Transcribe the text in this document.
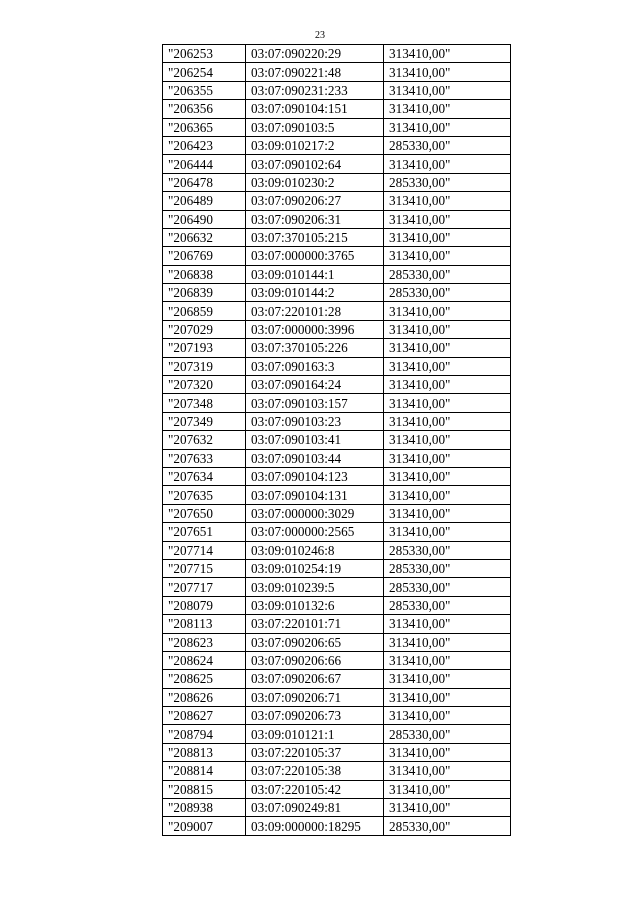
23
"206253	03:07:090220:29	313410,00"
"206254	03:07:090221:48	313410,00"
"206355	03:07:090231:233	313410,00"
"206356	03:07:090104:151	313410,00"
"206365	03:07:090103:5	313410,00"
"206423	03:09:010217:2	285330,00"
"206444	03:07:090102:64	313410,00"
"206478	03:09:010230:2	285330,00"
"206489	03:07:090206:27	313410,00"
"206490	03:07:090206:31	313410,00"
"206632	03:07:370105:215	313410,00"
"206769	03:07:000000:3765	313410,00"
"206838	03:09:010144:1	285330,00"
"206839	03:09:010144:2	285330,00"
"206859	03:07:220101:28	313410,00"
"207029	03:07:000000:3996	313410,00"
"207193	03:07:370105:226	313410,00"
"207319	03:07:090163:3	313410,00"
"207320	03:07:090164:24	313410,00"
"207348	03:07:090103:157	313410,00"
"207349	03:07:090103:23	313410,00"
"207632	03:07:090103:41	313410,00"
"207633	03:07:090103:44	313410,00"
"207634	03:07:090104:123	313410,00"
"207635	03:07:090104:131	313410,00"
"207650	03:07:000000:3029	313410,00"
"207651	03:07:000000:2565	313410,00"
"207714	03:09:010246:8	285330,00"
"207715	03:09:010254:19	285330,00"
"207717	03:09:010239:5	285330,00"
"208079	03:09:010132:6	285330,00"
"208113	03:07:220101:71	313410,00"
"208623	03:07:090206:65	313410,00"
"208624	03:07:090206:66	313410,00"
"208625	03:07:090206:67	313410,00"
"208626	03:07:090206:71	313410,00"
"208627	03:07:090206:73	313410,00"
"208794	03:09:010121:1	285330,00"
"208813	03:07:220105:37	313410,00"
"208814	03:07:220105:38	313410,00"
"208815	03:07:220105:42	313410,00"
"208938	03:07:090249:81	313410,00"
"209007	03:09:000000:18295	285330,00"
